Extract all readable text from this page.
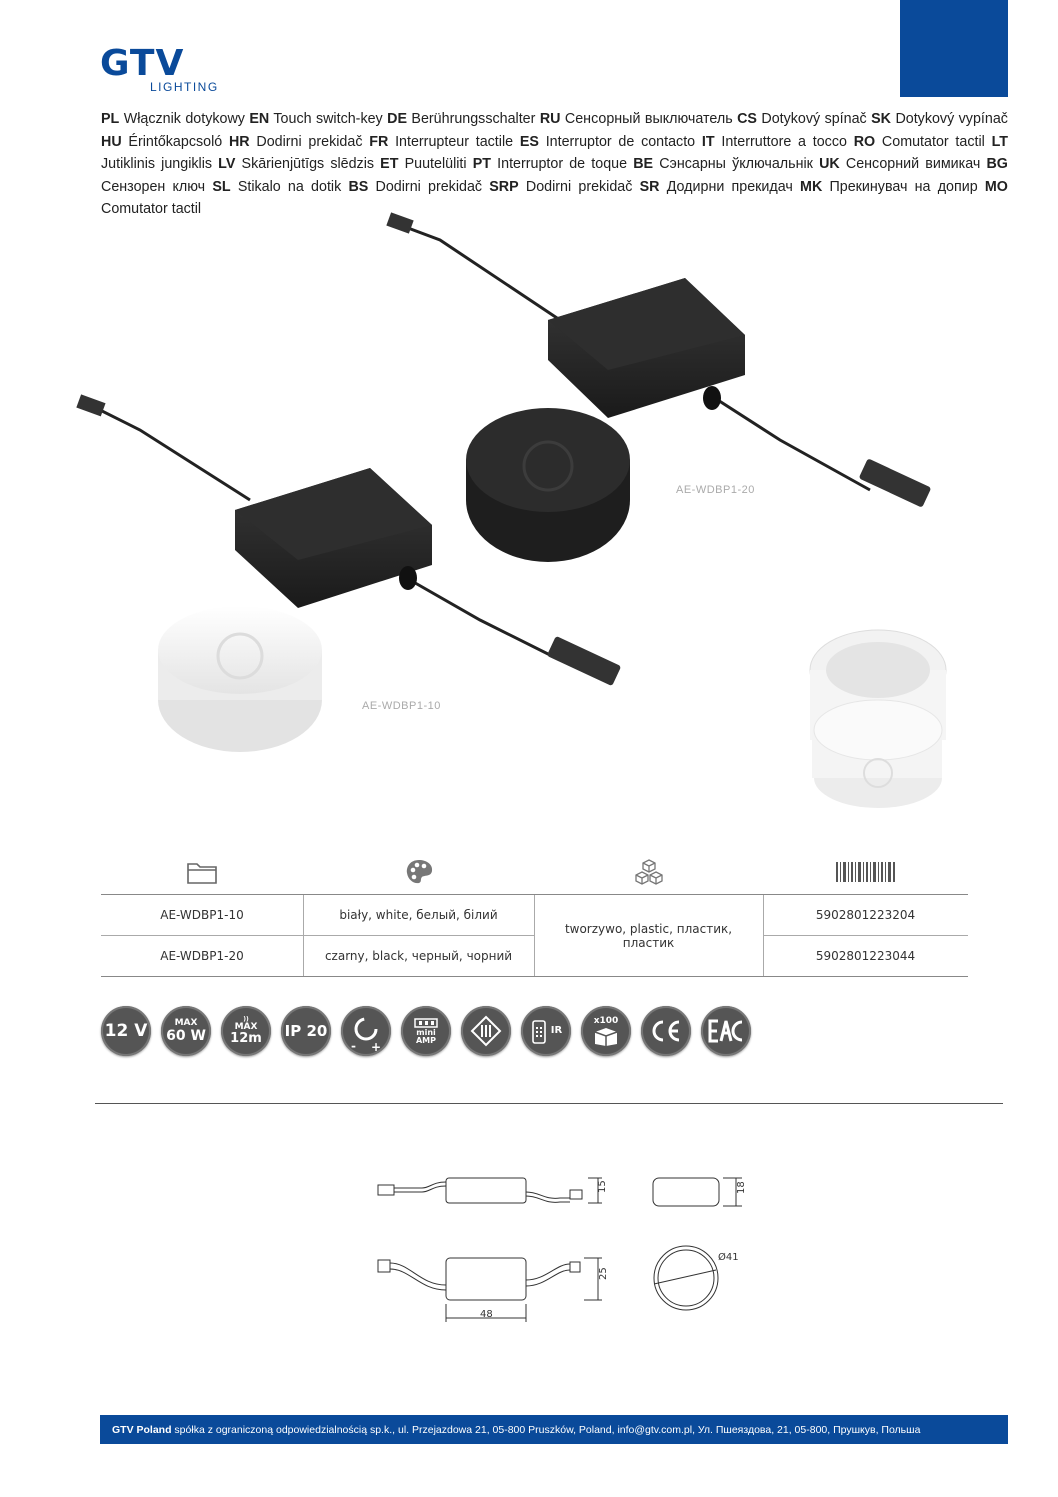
GTV
LIGHTING
PL Włącznik dotykowy EN Touch switch-key DE Berührungsschalter RU Сенсорный выключатель CS Dotykový spínač SK Dotykový vypínač HU Érintőkapcsoló HR Dodirni prekidač FR Interrupteur tactile ES Interruptor de contacto IT Interruttore a tocco RO Comutator tactil LT Jutiklinis jungiklis LV Skārienjūtīgs slēdzis ET Puutelüliti PT Interruptor de toque BE Сэнсарны ўключальнік UK Сенсорний вимикач BG Сензорен ключ SL Stikalo na dotik BS Dodirni prekidač SRP Dodirni prekidač SR Додирни прекидач MK Прекинувач на допир MO Comutator tactil
AE-WDBP1-20
AE-WDBP1-10
AE-WDBP1-10	biały, white, белый, білий	5902801223204
AE-WDBP1-20	czarny, black, черный, чорний	5902801223044
tworzywo, plastic, пластик, пластик
12 V	MAX
60 W
))
MAX
12m IP 20
- +
mini
AMP
IR
x100
15	18
25
48
Ø41
GTV Poland spółka z ograniczoną odpowiedzialnością sp.k., ul. Przejazdowa 21, 05-800 Pruszków, Poland, info@gtv.com.pl, Ул. Пшеяздова, 21, 05-800, Прушкув, Польша
